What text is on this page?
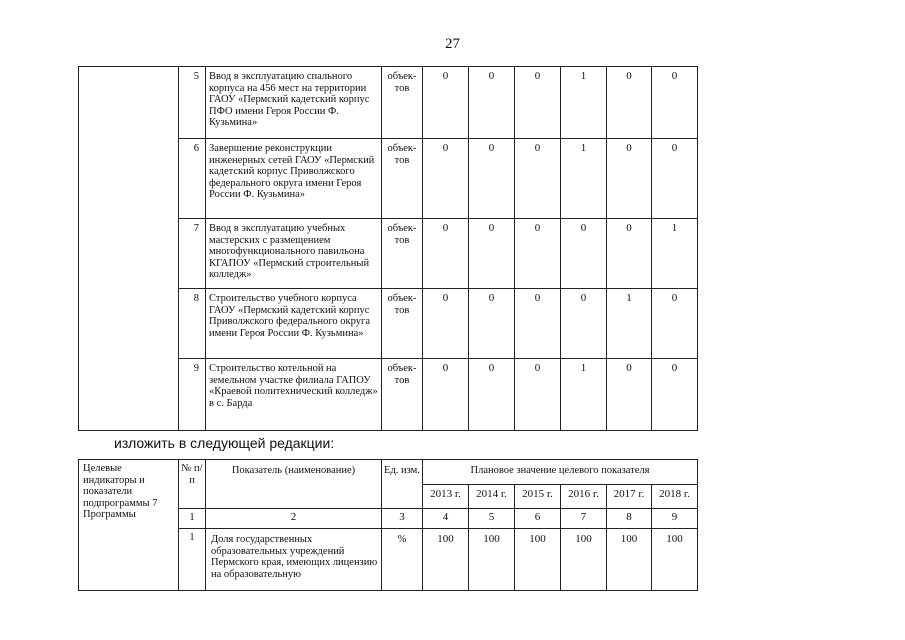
27
	5	Ввод в эксплуатацию спального корпуса на 456 мест на территории ГАОУ «Пермский кадетский корпус ПФО имени Героя России Ф. Кузьмина»	объек-тов	0	0	0	1	0	0
	6	Завершение реконструкции инженерных сетей ГАОУ «Пермский кадетский корпус Приволжского федерального округа имени Героя России Ф. Кузьмина»	объек-тов	0	0	0	1	0	0
	7	Ввод в эксплуатацию учебных мастерских с размещением многофункционального павильона КГАПОУ «Пермский строительный колледж»	объек-тов	0	0	0	0	0	1
	8	Строительство учебного корпуса ГАОУ «Пермский кадетский корпус Приволжского федерального округа имени Героя России Ф. Кузьмина»	объек-тов	0	0	0	0	1	0
	9	Строительство котельной на земельном участке филиала ГАПОУ «Краевой политехнический колледж» в с. Барда	объек-тов	0	0	0	1	0	0
изложить в следующей редакции:
Целевые индикаторы и показатели подпрограммы 7 Программы	№ п/п	Показатель (наименование)	Ед. изм.	Плановое значение целевого показателя					
				2013 г.	2014 г.	2015 г.	2016 г.	2017 г.	2018 г.
	1	2	3	4	5	6	7	8	9
	1	Доля государственных образовательных учреждений Пермского края, имеющих лицензию на образовательную	%	100	100	100	100	100	100
